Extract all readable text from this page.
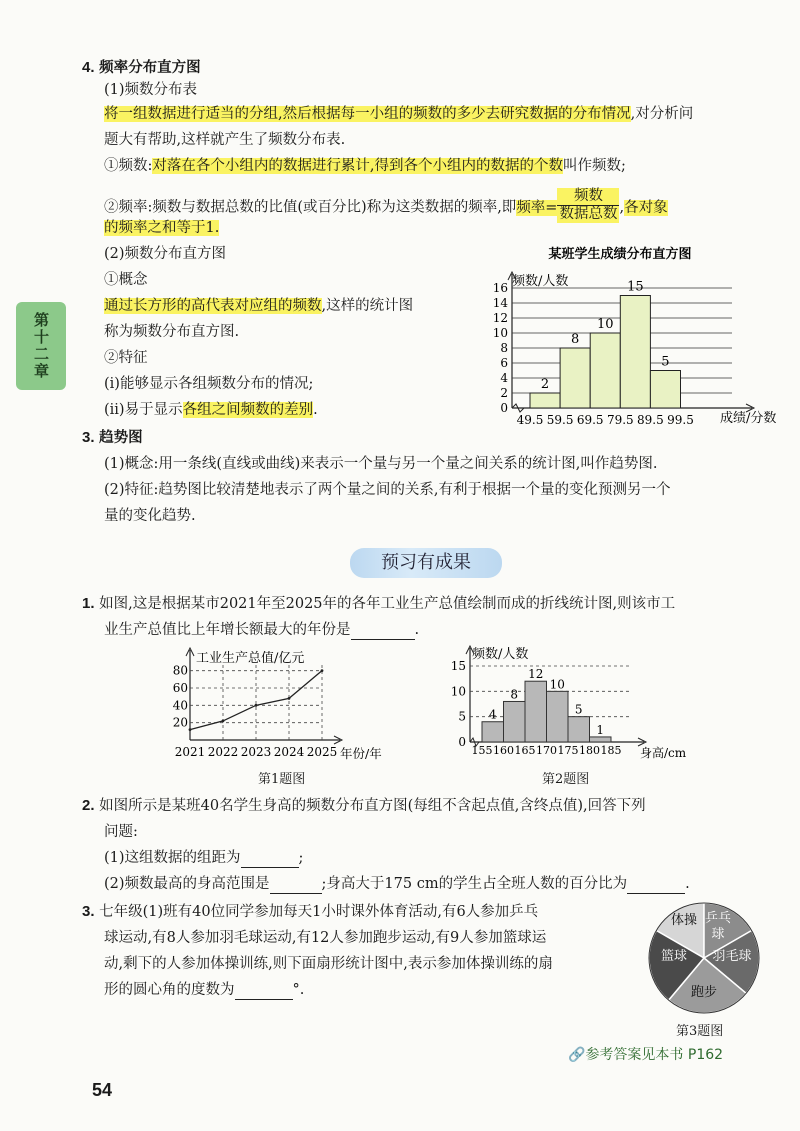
第十二章
4. 频率分布直方图
(1)频数分布表
将一组数据进行适当的分组,然后根据每一小组的频数的多少去研究数据的分布情况,对分析问
题大有帮助,这样就产生了频数分布表.
①频数:对落在各个小组内的数据进行累计,得到各个小组内的数据的个数叫作频数;
②频率:频数与数据总数的比值(或百分比)称为这类数据的频率,即频率=
频数
数据总数 ,各对象
的频率之和等于1.
(2)频数分布直方图
①概念
通过长方形的高代表对应组的频数,这样的统计图
称为频数分布直方图.
②特征
(ⅰ)能够显示各组频数分布的情况;
(ⅱ)易于显示各组之间频数的差别.
某班学生成绩分布直方图
频数/人数
0
2
4
6
8
10
12
14
16
2
8
10
15
5
49.5 59.5 69.5 79.5 89.5 99.5 成绩/分数
3. 趋势图
(1)概念:用一条线(直线或曲线)来表示一个量与另一个量之间关系的统计图,叫作趋势图.
(2)特征:趋势图比较清楚地表示了两个量之间的关系,有利于根据一个量的变化预测另一个
量的变化趋势.
预习有成果
1. 如图,这是根据某市2021年至2025年的各年工业生产总值绘制而成的折线统计图,则该市工
业生产总值比上年增长额最大的年份是	.
工业生产总值/亿元
20
40
60
80
2021 2022 2023 2024 2025 年份/年
第1题图
频数/人数
0
5
10
15
4
8
12
10
5
1
155 160 165 170 175 180 185 身高/cm
第2题图
2. 如图所示是某班40名学生身高的频数分布直方图(每组不含起点值,含终点值),回答下列
问题:
(1)这组数据的组距为	;
(2)频数最高的身高范围是	;身高大于175 cm的学生占全班人数的百分比为	.
3. 七年级(1)班有40位同学参加每天1小时课外体育活动,有6人参加乒乓
球运动,有8人参加羽毛球运动,有12人参加跑步运动,有9人参加篮球运
动,剩下的人参加体操训练,则下面扇形统计图中,表示参加体操训练的扇
形的圆心角的度数为	°.
体操 乒乓
球
羽毛球
跑步
篮球
第3题图
🔗参考答案见本书 P162
54
